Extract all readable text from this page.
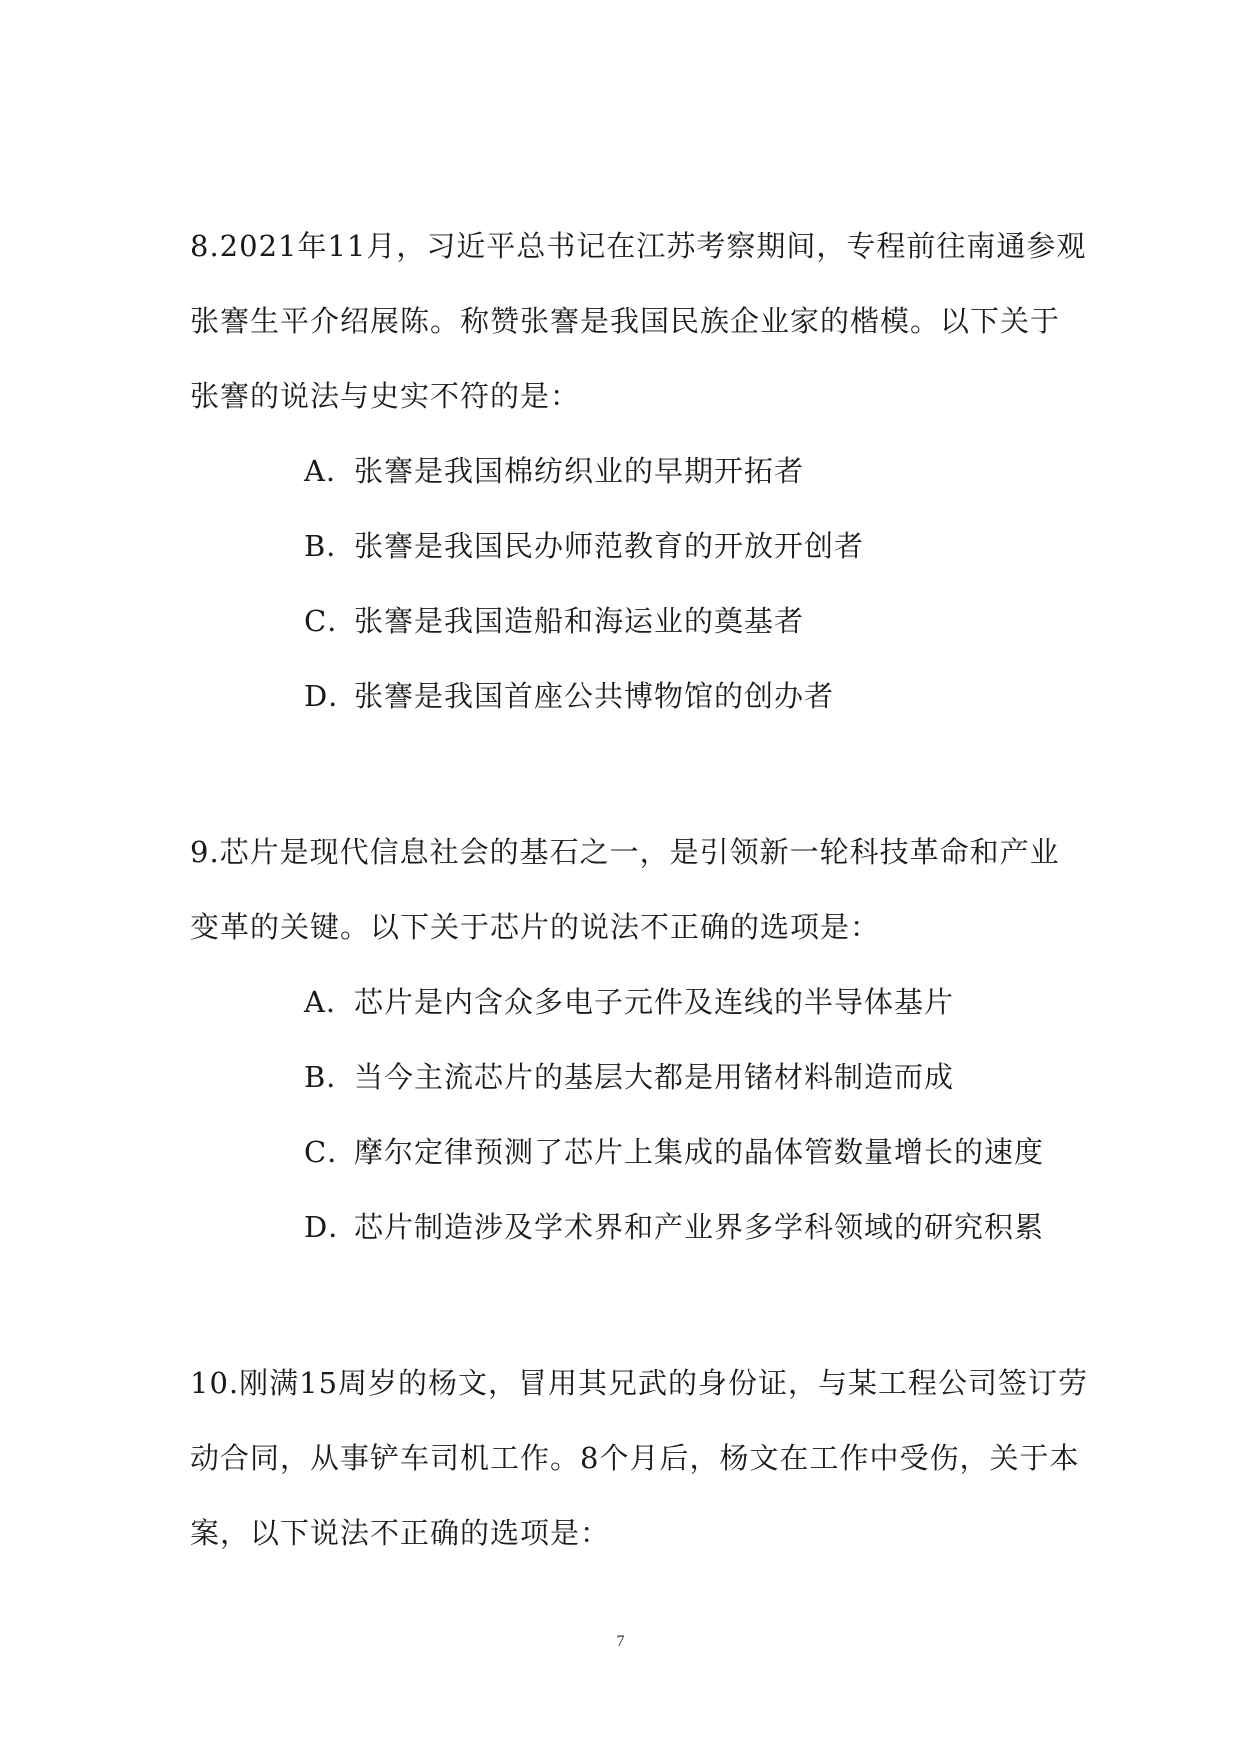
8.2021年11月，习近平总书记在江苏考察期间，专程前往南通参观
张謇生平介绍展陈。称赞张謇是我国民族企业家的楷模。以下关于
张謇的说法与史实不符的是：
A．张謇是我国棉纺织业的早期开拓者
B．张謇是我国民办师范教育的开放开创者
C．张謇是我国造船和海运业的奠基者
D．张謇是我国首座公共博物馆的创办者
9.芯片是现代信息社会的基石之一，是引领新一轮科技革命和产业
变革的关键。以下关于芯片的说法不正确的选项是：
A．芯片是内含众多电子元件及连线的半导体基片
B．当今主流芯片的基层大都是用锗材料制造而成
C．摩尔定律预测了芯片上集成的晶体管数量增长的速度
D．芯片制造涉及学术界和产业界多学科领域的研究积累
10.刚满15周岁的杨文，冒用其兄武的身份证，与某工程公司签订劳
动合同，从事铲车司机工作。8个月后，杨文在工作中受伤，关于本
案，以下说法不正确的选项是：
7
